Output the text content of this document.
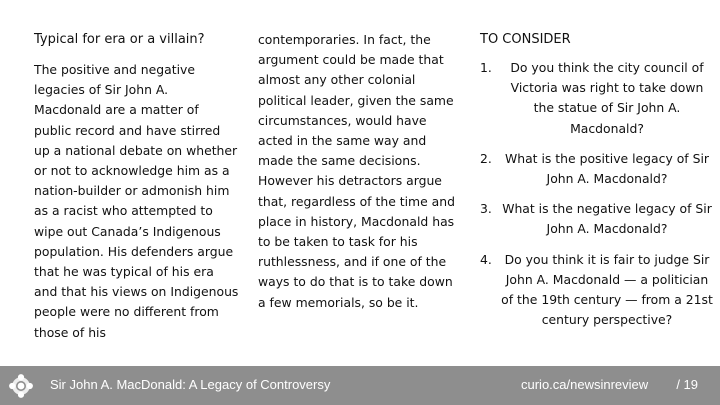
Typical for era or a villain?

The positive and negative legacies of Sir John A. Macdonald are a matter of public record and have stirred up a national debate on whether or not to acknowledge him as a nation-builder or admonish him as a racist who attempted to wipe out Canada’s Indigenous population. His defenders argue that he was typical of his era and that his views on Indigenous people were no different from those of his

contemporaries. In fact, the argument could be made that almost any other colonial political leader, given the same circumstances, would have acted in the same way and made the same decisions. However his detractors argue that, regardless of the time and place in history, Macdonald has to be taken to task for his ruthlessness, and if one of the ways to do that is to take down a few memorials, so be it.

TO CONSIDER
1.	Do you think the city council of Victoria was right to take down the statue of Sir John A. Macdonald?
2.	What is the positive legacy of Sir John A. Macdonald?
3. What is the negative legacy of Sir John A. Macdonald?
4.	Do you think it is fair to judge Sir John A. Macdonald — a politician of the 19th century — from a 21st century perspective?
Sir John A. MacDonald: A Legacy of Controversy	curio.ca/newsinreview / 19
